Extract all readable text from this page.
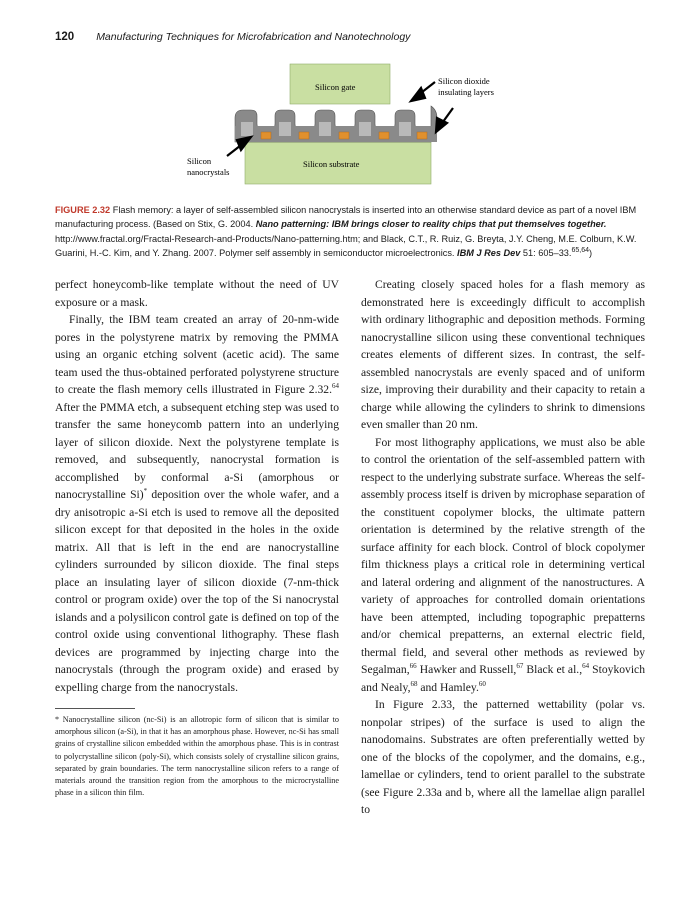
120 Manufacturing Techniques for Microfabrication and Nanotechnology
Silicon gate
Silicon substrate
Silicon dioxide
insulating layers
Silicon
nanocrystals
FIGURE 2.32 Flash memory: a layer of self-assembled silicon nanocrystals is inserted into an otherwise standard device as part of a novel IBM manufacturing process. (Based on Stix, G. 2004. Nano patterning: IBM brings closer to reality chips that put themselves together. http://www.fractal.org/Fractal-Research-and-Products/Nano-patterning.htm; and Black, C.T., R. Ruiz, G. Breyta, J.Y. Cheng, M.E. Colburn, K.W. Guarini, H.-C. Kim, and Y. Zhang. 2007. Polymer self assembly in semiconductor microelectronics. IBM J Res Dev 51: 605–33.$^{65,64}$)

perfect honeycomb-like template without the need of UV exposure or a mask.

Finally, the IBM team created an array of 20-nm-wide pores in the polystyrene matrix by removing the PMMA using an organic etching solvent (acetic acid). The same team used the thus-obtained perforated polystyrene structure to create the flash memory cells illustrated in Figure 2.32.64 After the PMMA etch, a subsequent etching step was used to transfer the same honeycomb pattern into an underlying layer of silicon dioxide. Next the polystyrene template is removed, and subsequently, nanocrystal formation is accomplished by conformal a-Si (amorphous or nanocrystalline Si)* deposition over the whole wafer, and a dry anisotropic a-Si etch is used to remove all the deposited silicon except for that deposited in the holes in the oxide matrix. All that is left in the end are nanocrystalline cylinders surrounded by silicon dioxide. The final steps place an insulating layer of silicon dioxide (7-nm-thick control or program oxide) over the top of the Si nanocrystal islands and a polysilicon control gate is defined on top of the control oxide using conventional lithography. These flash devices are programmed by injecting charge into the nanocrystals (through the program oxide) and erased by expelling charge from the nanocrystals.

Creating closely spaced holes for a flash memory as demonstrated here is exceedingly difficult to accomplish with ordinary lithographic and deposition methods. Forming nanocrystalline silicon using these conventional techniques creates elements of different sizes. In contrast, the self-assembled nanocrystals are evenly spaced and of uniform size, improving their durability and their capacity to retain a charge while allowing the cylinders to shrink to dimensions even smaller than 20 nm.

For most lithography applications, we must also be able to control the orientation of the self-assembled pattern with respect to the underlying substrate surface. Whereas the self-assembly process itself is driven by microphase separation of the constituent copolymer blocks, the ultimate pattern orientation is determined by the relative strength of the surface affinity for each block. Control of block copolymer film thickness plays a critical role in determining vertical and lateral ordering and alignment of the nanostructures. A variety of approaches for controlled domain orientations have been attempted, including topographic prepatterns and/or chemical prepatterns, an external electric field, thermal field, and several other methods as reviewed by Segalman,$^{66}$ Hawker and Russell,$^{67}$ Black et al.,$^{64}$ Stoykovich and Nealy,$^{68}$ and Hamley.$^{60}$

In Figure 2.33, the patterned wettability (polar vs. nonpolar stripes) of the surface is used to align the nanodomains. Substrates are often preferentially wetted by one of the blocks of the copolymer, and the domains, e.g., lamellae or cylinders, tend to orient parallel to the substrate (see Figure 2.33a and b, where all the lamellae align parallel to

* Nanocrystalline silicon (nc-Si) is an allotropic form of silicon that is similar to amorphous silicon (a-Si), in that it has an amorphous phase. However, nc-Si has small grains of crystalline silicon embedded within the amorphous phase. This is in contrast to polycrystalline silicon (poly-Si), which consists solely of crystalline silicon grains, separated by grain boundaries. The term nanocrystalline silicon refers to a range of materials around the transition region from the amorphous to the microcrystalline phase in a silicon thin film.
